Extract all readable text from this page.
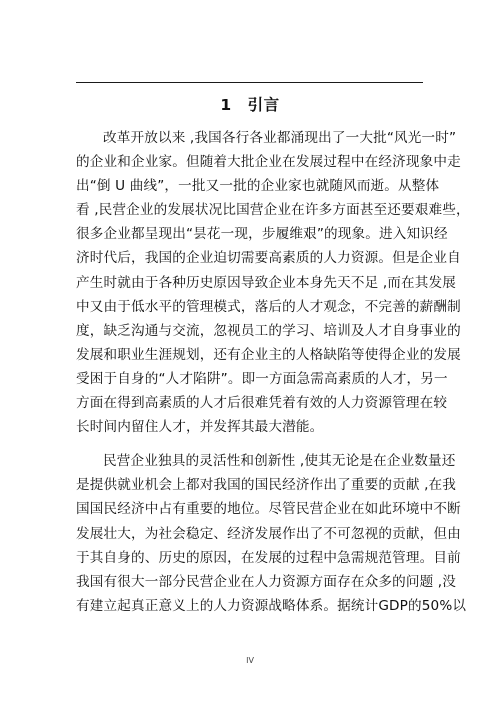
1 引言
改革开放以来 ,我国各行各业都涌现出了一大批“风光一时”
的企业和企业家。但随着大批企业在发展过程中在经济现象中走
出“倒 U 曲线”，一批又一批的企业家也就随风而逝。从整体
看 ,民营企业的发展状况比国营企业在许多方面甚至还要艰难些，
很多企业都呈现出“昙花一现，步履维艰”的现象。进入知识经
济时代后，我国的企业迫切需要高素质的人力资源。但是企业自
产生时就由于各种历史原因导致企业本身先天不足 ,而在其发展
中又由于低水平的管理模式，落后的人才观念，不完善的薪酬制
度，缺乏沟通与交流，忽视员工的学习、培训及人才自身事业的
发展和职业生涯规划，还有企业主的人格缺陷等使得企业的发展
受困于自身的“人才陷阱”。即一方面急需高素质的人才，另一
方面在得到高素质的人才后很难凭着有效的人力资源管理在较
长时间内留住人才，并发挥其最大潜能。
民营企业独具的灵活性和创新性 ,使其无论是在企业数量还
是提供就业机会上都对我国的国民经济作出了重要的贡献 ,在我
国国民经济中占有重要的地位。尽管民营企业在如此环境中不断
发展壮大，为社会稳定、经济发展作出了不可忽视的贡献，但由
于其自身的、历史的原因，在发展的过程中急需规范管理。目前
我国有很大一部分民营企业在人力资源方面存在众多的问题 ,没
有建立起真正意义上的人力资源战略体系。据统计GDP的50%以
IV
